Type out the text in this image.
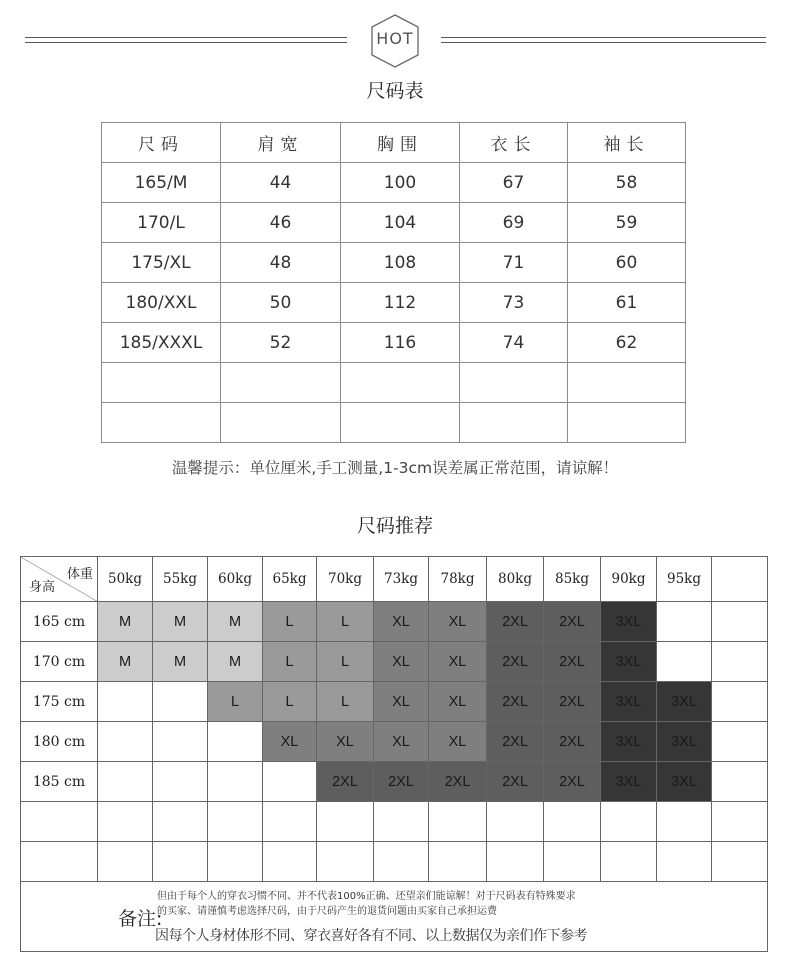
HOT
尺码表
尺码	肩宽	胸围	衣长	袖长
165/M	44	100	67	58
170/L	46	104	69	59
175/XL	48	108	71	60
180/XXL	50	112	73	61
185/XXXL	52	116	74	62

温馨提示：单位厘米,手工测量,1-3cm误差属正常范围，请谅解！
尺码推荐
体重
身高	50kg	55kg	60kg	65kg	70kg	73kg	78kg	80kg	85kg	90kg	95kg	
165 cm	M	M	M	L	L	XL	XL	2XL	2XL	3XL		
170 cm	M	M	M	L	L	XL	XL	2XL	2XL	3XL		
175 cm			L	L	L	XL	XL	2XL	2XL	3XL	3XL	
180 cm				XL	XL	XL	XL	2XL	2XL	3XL	3XL	
185 cm					2XL	2XL	2XL	2XL	2XL	3XL	3XL	

备注:
但由于每个人的穿衣习惯不同、并不代表100%正确、还望亲们能谅解！对于尺码表有特殊要求
的买家、请谨慎考虑选择尺码，由于尺码产生的退货问题由买家自己承担运费
因每个人身材体形不同、穿衣喜好各有不同、以上数据仅为亲们作下参考												
